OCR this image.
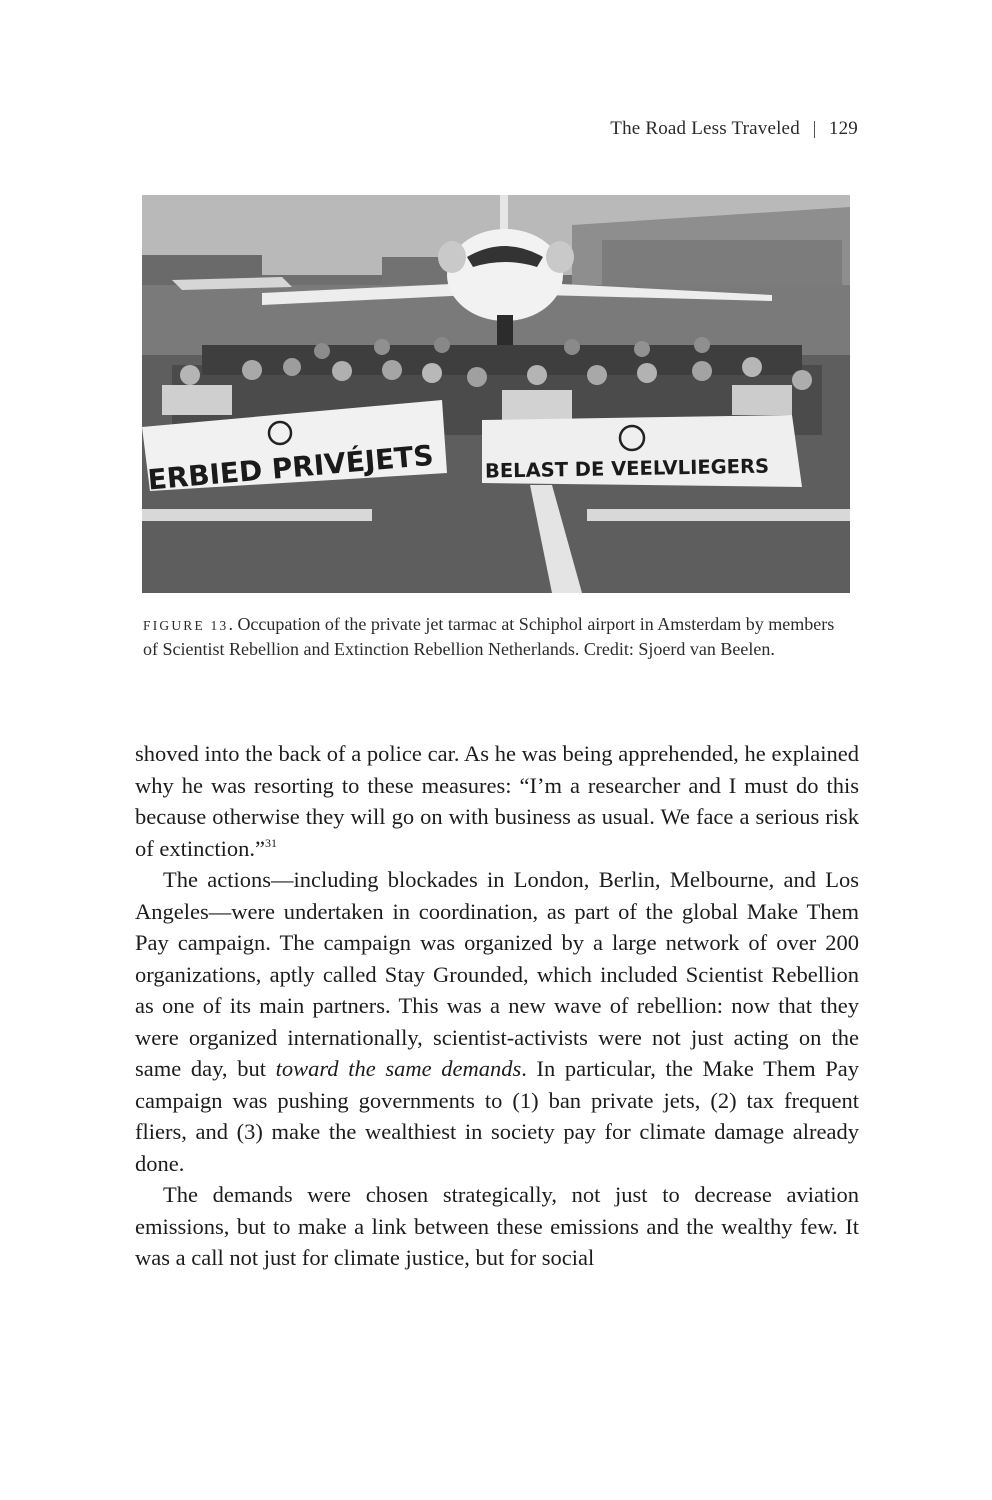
The Road Less Traveled 129
ERBIED PRIVÉJETS	BELAST DE VEELVLIEGERS
FIGURE 13. Occupation of the private jet tarmac at Schiphol airport in Amsterdam by members of Scientist Rebellion and Extinction Rebellion Netherlands. Credit: Sjoerd van Beelen.

shoved into the back of a police car. As he was being apprehended, he explained why he was resorting to these measures: “I’m a researcher and I must do this because otherwise they will go on with business as usual. We face a serious risk of extinction.”$^{31}$

The actions—including blockades in London, Berlin, Melbourne, and Los Angeles—were undertaken in coordination, as part of the global Make Them Pay campaign. The campaign was organized by a large network of over 200 organizations, aptly called Stay Grounded, which included Scientist Rebellion as one of its main partners. This was a new wave of rebellion: now that they were organized internationally, scientist-activists were not just acting on the same day, but toward the same demands. In particular, the Make Them Pay campaign was pushing governments to (1) ban private jets, (2) tax frequent fliers, and (3) make the wealthiest in society pay for climate damage already done.

The demands were chosen strategically, not just to decrease aviation emissions, but to make a link between these emissions and the wealthy few. It was a call not just for climate justice, but for social
